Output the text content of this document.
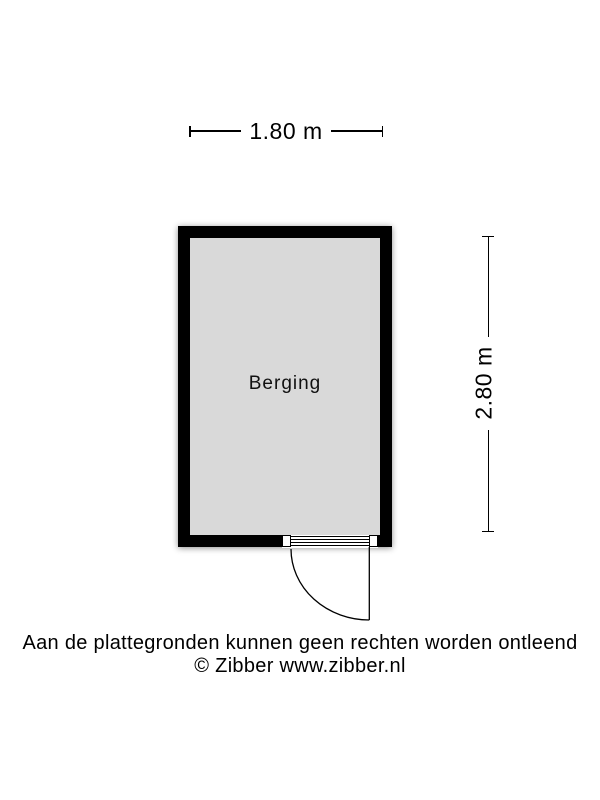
1.80 m
Berging	2.80 m
Aan de plattegronden kunnen geen rechten worden ontleend
© Zibber www.zibber.nl
